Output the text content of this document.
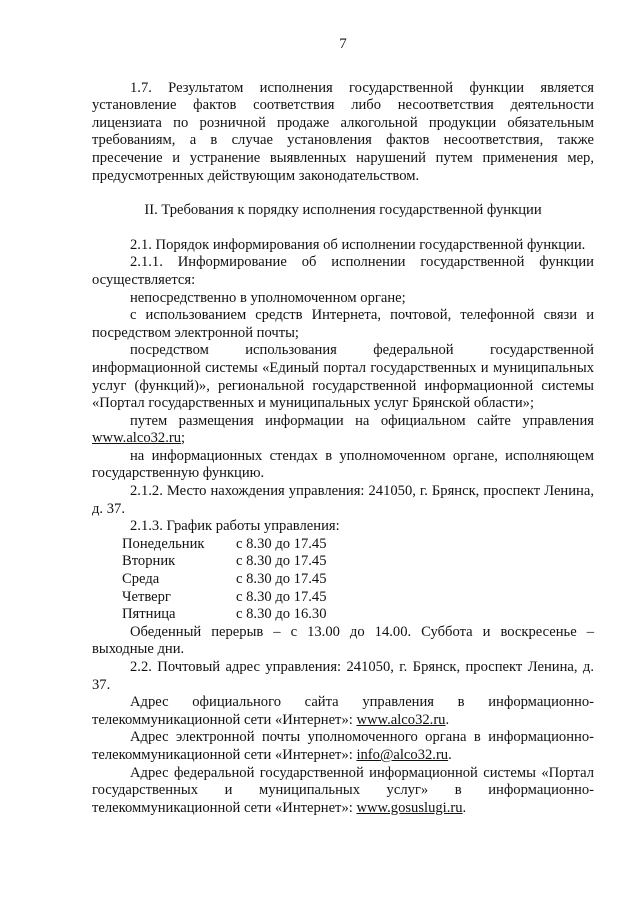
7

1.7. Результатом исполнения государственной функции является установление фактов соответствия либо несоответствия деятельности лицензиата по розничной продаже алкогольной продукции обязательным требованиям, а в случае установления фактов несоответствия, также пресечение и устранение выявленных нарушений путем применения мер, предусмотренных действующим законодательством.

II. Требования к порядку исполнения государственной функции

2.1. Порядок информирования об исполнении государственной функции.

2.1.1. Информирование об исполнении государственной функции осуществляется:

непосредственно в уполномоченном органе;

с использованием средств Интернета, почтовой, телефонной связи и посредством электронной почты;

посредством использования федеральной государственной информационной системы «Единый портал государственных и муниципальных услуг (функций)», региональной государственной информационной системы «Портал государственных и муниципальных услуг Брянской области»;

путем размещения информации на официальном сайте управления www.alco32.ru;

на информационных стендах в уполномоченном органе, исполняющем государственную функцию.

2.1.2. Место нахождения управления: 241050, г. Брянск, проспект Ленина, д. 37.

2.1.3. График работы управления:

Понедельник	с 8.30 до 17.45
Вторник	с 8.30 до 17.45
Среда	с 8.30 до 17.45
Четверг	с 8.30 до 17.45
Пятница	с 8.30 до 16.30

Обеденный перерыв – с 13.00 до 14.00. Суббота и воскресенье – выходные дни.

2.2. Почтовый адрес управления: 241050, г. Брянск, проспект Ленина, д. 37.

Адрес официального сайта управления в информационно-телекоммуникационной сети «Интернет»: www.alco32.ru.

Адрес электронной почты уполномоченного органа в информационно-телекоммуникационной сети «Интернет»: info@alco32.ru.

Адрес федеральной государственной информационной системы «Портал государственных и муниципальных услуг» в информационно-телекоммуникационной сети «Интернет»: www.gosuslugi.ru.
